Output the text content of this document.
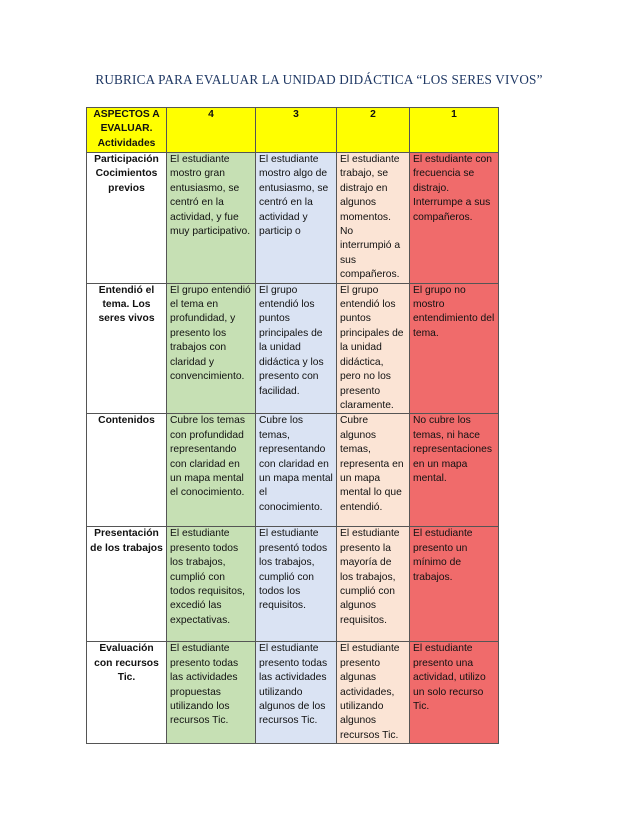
RUBRICA PARA EVALUAR LA UNIDAD DIDÁCTICA “LOS SERES VIVOS”
ASPECTOS A EVALUAR. Actividades	4	3	2	1
Participación Cocimientos previos	El estudiante mostro gran entusiasmo, se centró en la actividad, y fue muy participativo.	El estudiante mostro algo de entusiasmo, se centró en la actividad y particip o	El estudiante trabajo, se distrajo en algunos momentos. No interrumpió a sus compañeros.	El estudiante con frecuencia se distrajo. Interrumpe a sus compañeros.
Entendió el tema. Los seres vivos	El grupo entendió el tema en profundidad, y presento los trabajos con claridad y convencimiento.	El grupo entendió los puntos principales de la unidad didáctica y los presento con facilidad.	El grupo entendió los puntos principales de la unidad didáctica, pero no los presento claramente.	El grupo no mostro entendimiento del tema.
Contenidos	Cubre los temas con profundidad representando con claridad en un mapa mental el conocimiento.	Cubre los temas, representando con claridad en un mapa mental el conocimiento.	Cubre algunos temas, representa en un mapa mental lo que entendió.	No cubre los temas, ni hace representaciones en un mapa mental.
Presentación de los trabajos	El estudiante presento todos los trabajos, cumplió con todos requisitos, excedió las expectativas.	El estudiante presentó todos los trabajos, cumplió con todos los requisitos.	El estudiante presento la mayoría de los trabajos, cumplió con algunos requisitos.	El estudiante presento un mínimo de trabajos.
Evaluación con recursos Tic.	El estudiante presento todas las actividades propuestas utilizando los recursos Tic.	El estudiante presento todas las actividades utilizando algunos de los recursos Tic.	El estudiante presento algunas actividades, utilizando algunos recursos Tic.	El estudiante presento una actividad, utilizo un solo recurso Tic.
